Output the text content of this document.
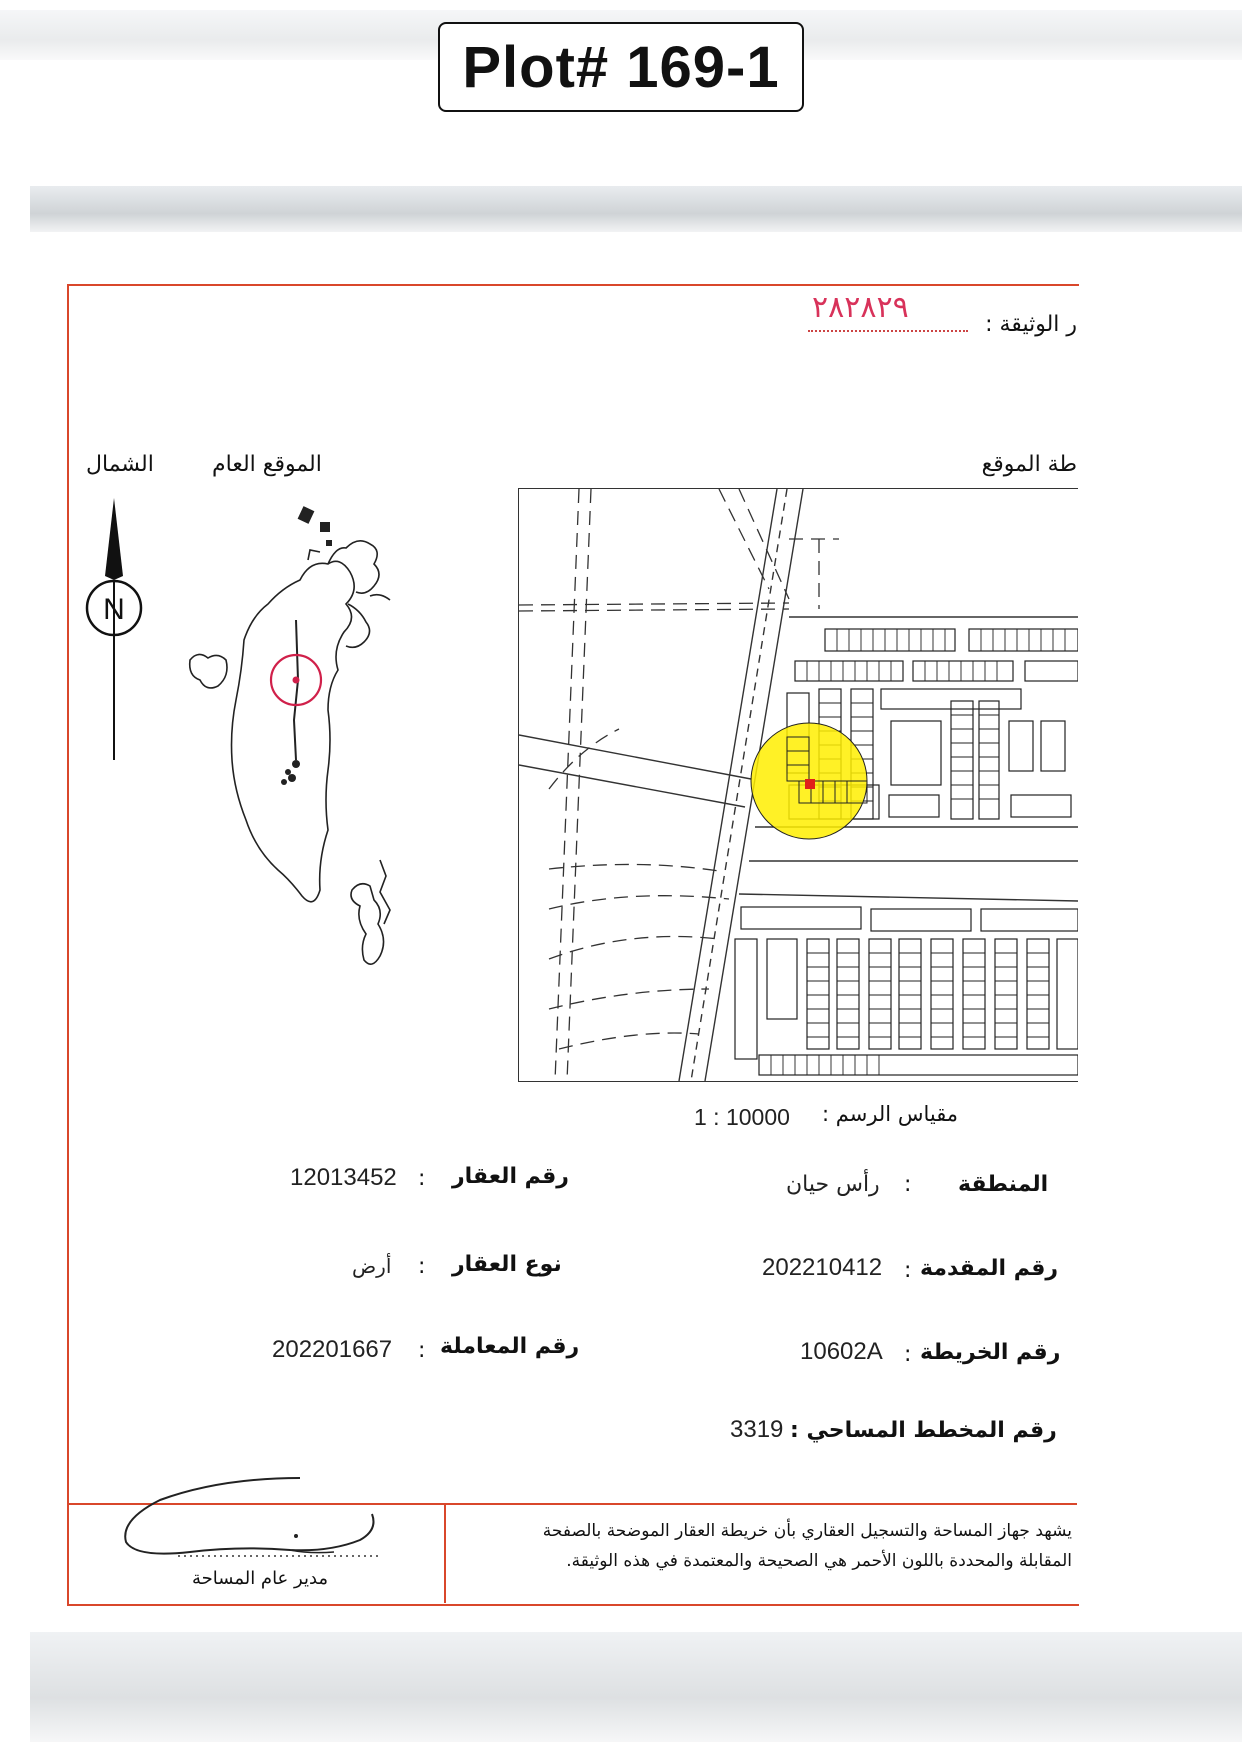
Plot# 169-1
ر الوثيقة :
٢٨٢٨٢٩
طة الموقع
الموقع العام
الشمال
N
مقياس الرسم :
1 : 10000
المنطقة
:
رأس حيان
رقم المقدمة
:
202210412
رقم الخريطة
:
10602A
رقم المخطط المساحي :
3319
رقم العقار
:
12013452
نوع العقار
:
أرض
رقم المعاملة
:
202201667
يشهد جهاز المساحة والتسجيل العقاري بأن خريطة العقار الموضحة بالصفحة
المقابلة والمحددة باللون الأحمر هي الصحيحة والمعتمدة في هذه الوثيقة.
مدير عام المساحة
